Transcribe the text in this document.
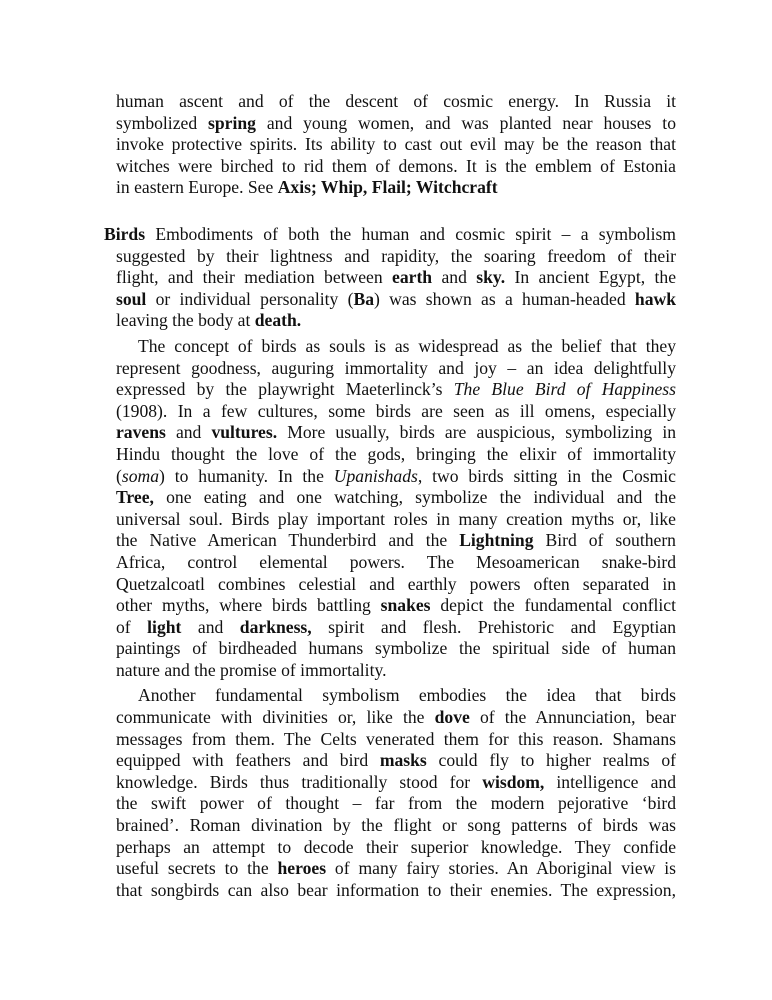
human ascent and of the descent of cosmic energy. In Russia it
symbolized spring and young women, and was planted near houses to
invoke protective spirits. Its ability to cast out evil may be the reason that
witches were birched to rid them of demons. It is the emblem of Estonia
in eastern Europe. See Axis; Whip, Flail; Witchcraft
Birds Embodiments of both the human and cosmic spirit – a symbolism
suggested by their lightness and rapidity, the soaring freedom of their
flight, and their mediation between earth and sky. In ancient Egypt, the
soul or individual personality (Ba) was shown as a human-headed hawk
leaving the body at death.
The concept of birds as souls is as widespread as the belief that they
represent goodness, auguring immortality and joy – an idea delightfully
expressed by the playwright Maeterlinck’s The Blue Bird of Happiness
(1908). In a few cultures, some birds are seen as ill omens, especially
ravens and vultures. More usually, birds are auspicious, symbolizing in
Hindu thought the love of the gods, bringing the elixir of immortality
(soma) to humanity. In the Upanishads, two birds sitting in the Cosmic
Tree, one eating and one watching, symbolize the individual and the
universal soul. Birds play important roles in many creation myths or, like
the Native American Thunderbird and the Lightning Bird of southern
Africa, control elemental powers. The Mesoamerican snake-bird
Quetzalcoatl combines celestial and earthly powers often separated in
other myths, where birds battling snakes depict the fundamental conflict
of light and darkness, spirit and flesh. Prehistoric and Egyptian
paintings of birdheaded humans symbolize the spiritual side of human
nature and the promise of immortality.
Another fundamental symbolism embodies the idea that birds
communicate with divinities or, like the dove of the Annunciation, bear
messages from them. The Celts venerated them for this reason. Shamans
equipped with feathers and bird masks could fly to higher realms of
knowledge. Birds thus traditionally stood for wisdom, intelligence and
the swift power of thought – far from the modern pejorative ‘bird
brained’. Roman divination by the flight or song patterns of birds was
perhaps an attempt to decode their superior knowledge. They confide
useful secrets to the heroes of many fairy stories. An Aboriginal view is
that songbirds can also bear information to their enemies. The expression,
